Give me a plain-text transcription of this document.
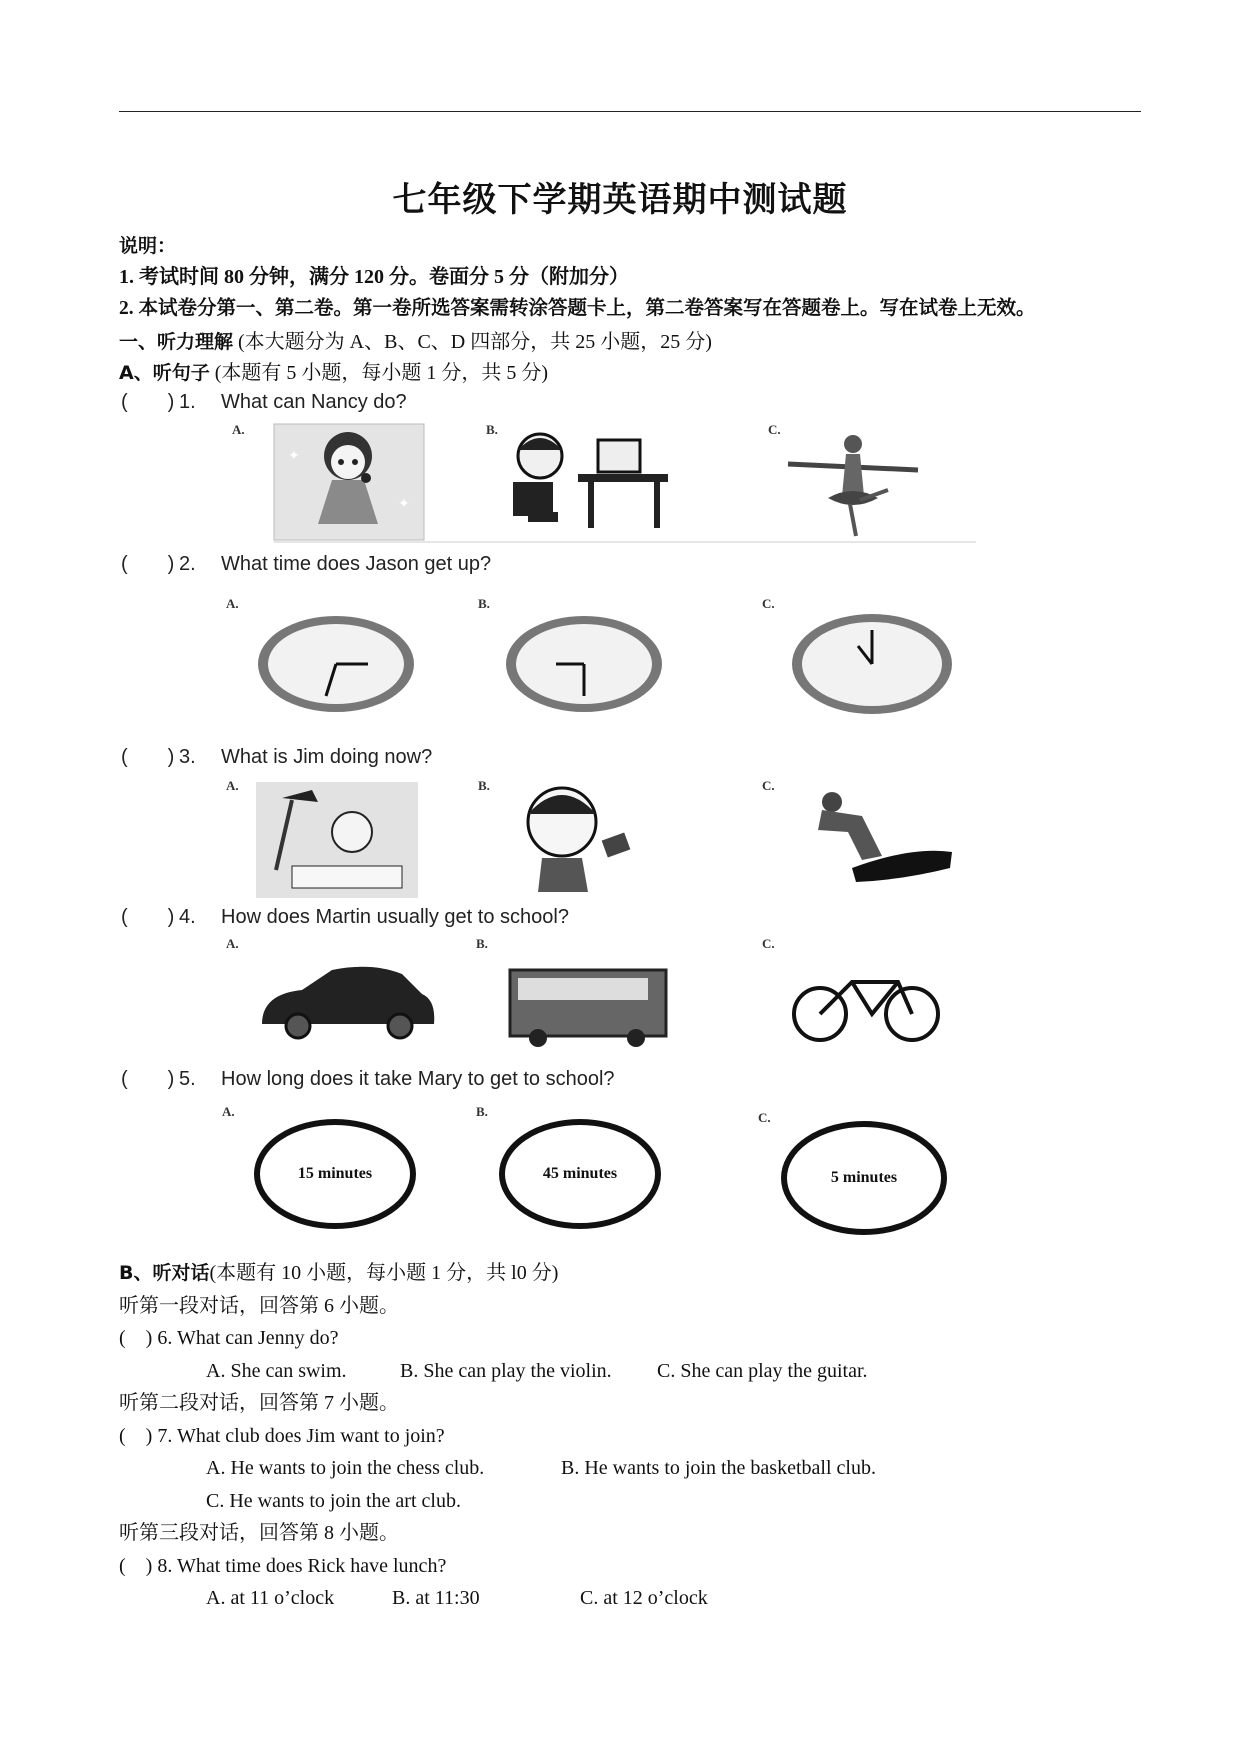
七年级下学期英语期中测试题
说明：
1. 考试时间 80 分钟，满分 120 分。卷面分 5 分（附加分）
2. 本试卷分第一、第二卷。第一卷所选答案需转涂答题卡上，第二卷答案写在答题卷上。写在试卷上无效。
一、听力理解 (本大题分为 A、B、C、D 四部分，共 25 小题，25 分)
A、听句子 (本题有 5 小题，每小题 1 分，共 5 分)
(　　) 1. What can Nancy do?
A.
✦
✦
B.	C.
(　　) 2. What time does Jason get up?
A.	B.	C.
(　　) 3. What is Jim doing now?
A.	B.	C.
(　　) 4. How does Martin usually get to school?
A.	B.	C.
(　　) 5. How long does it take Mary to get to school?
A.	B.	C.
15 minutes	45 minutes	5 minutes
B、听对话(本题有 10 小题，每小题 1 分，共 l0 分)
听第一段对话，回答第 6 小题。
(　) 6. What can Jenny do?
A. She can swim.	B. She can play the violin. C. She can play the guitar.
听第二段对话，回答第 7 小题。
(　) 7. What club does Jim want to join?
A. He wants to join the chess club.	B. He wants to join the basketball club.
C. He wants to join the art club.
听第三段对话，回答第 8 小题。
(　) 8. What time does Rick have lunch?
A. at 11 o’clock	B. at 11:30	C. at 12 o’clock
